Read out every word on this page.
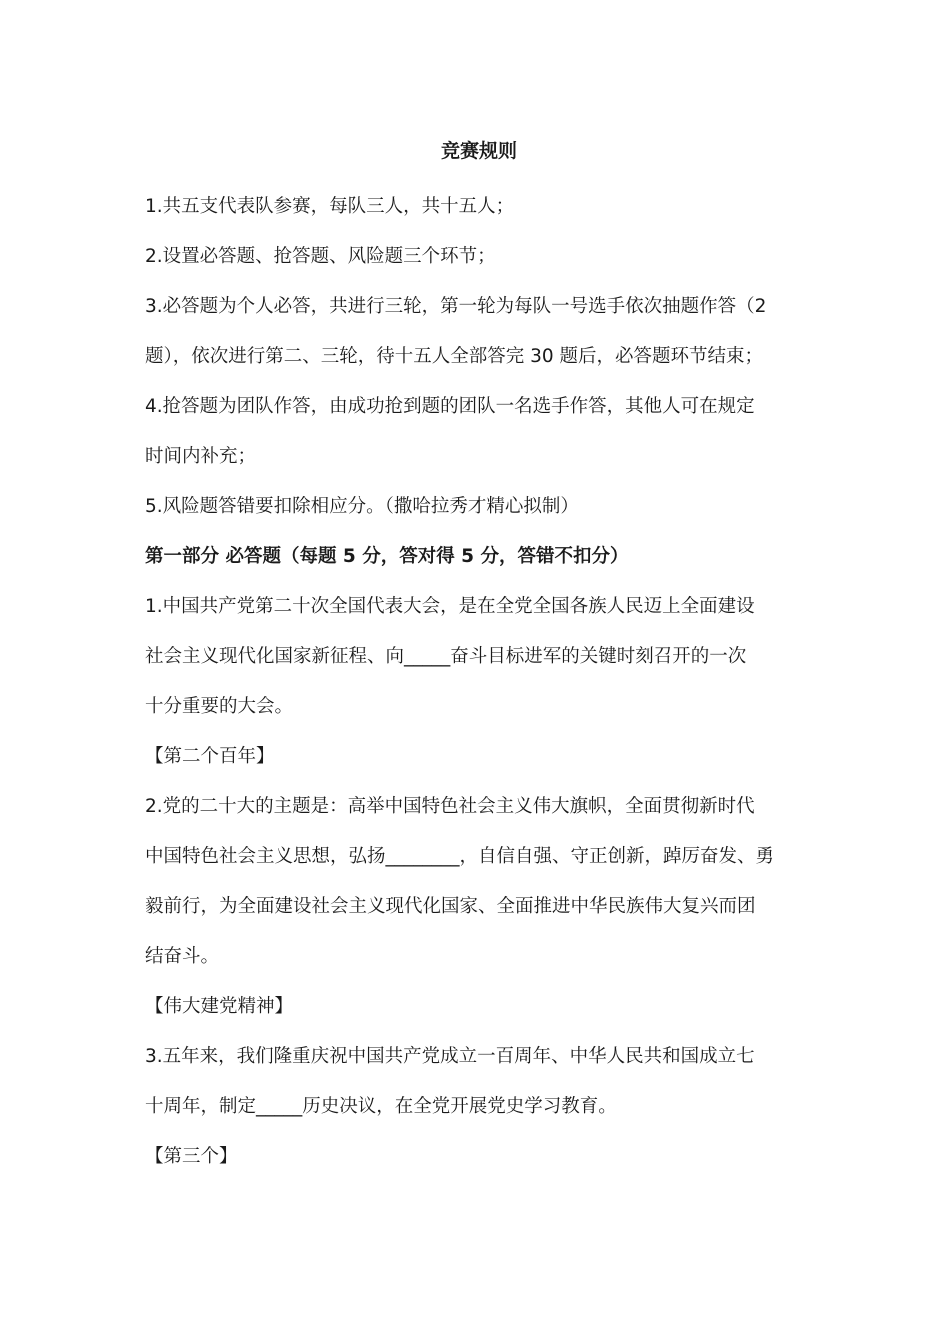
竞赛规则
1.共五支代表队参赛，每队三人，共十五人；
2.设置必答题、抢答题、风险题三个环节；
3.必答题为个人必答，共进行三轮，第一轮为每队一号选手依次抽题作答（2
题），依次进行第二、三轮，待十五人全部答完 30 题后，必答题环节结束；
4.抢答题为团队作答，由成功抢到题的团队一名选手作答，其他人可在规定
时间内补充；
5.风险题答错要扣除相应分。（撒哈拉秀才精心拟制）
第一部分 必答题（每题 5 分，答对得 5 分，答错不扣分）
1.中国共产党第二十次全国代表大会，是在全党全国各族人民迈上全面建设
社会主义现代化国家新征程、向_____奋斗目标进军的关键时刻召开的一次
十分重要的大会。
【第二个百年】
2.党的二十大的主题是：高举中国特色社会主义伟大旗帜，全面贯彻新时代
中国特色社会主义思想，弘扬________，自信自强、守正创新，踔厉奋发、勇
毅前行，为全面建设社会主义现代化国家、全面推进中华民族伟大复兴而团
结奋斗。
【伟大建党精神】
3.五年来，我们隆重庆祝中国共产党成立一百周年、中华人民共和国成立七
十周年，制定_____历史决议，在全党开展党史学习教育。
【第三个】
